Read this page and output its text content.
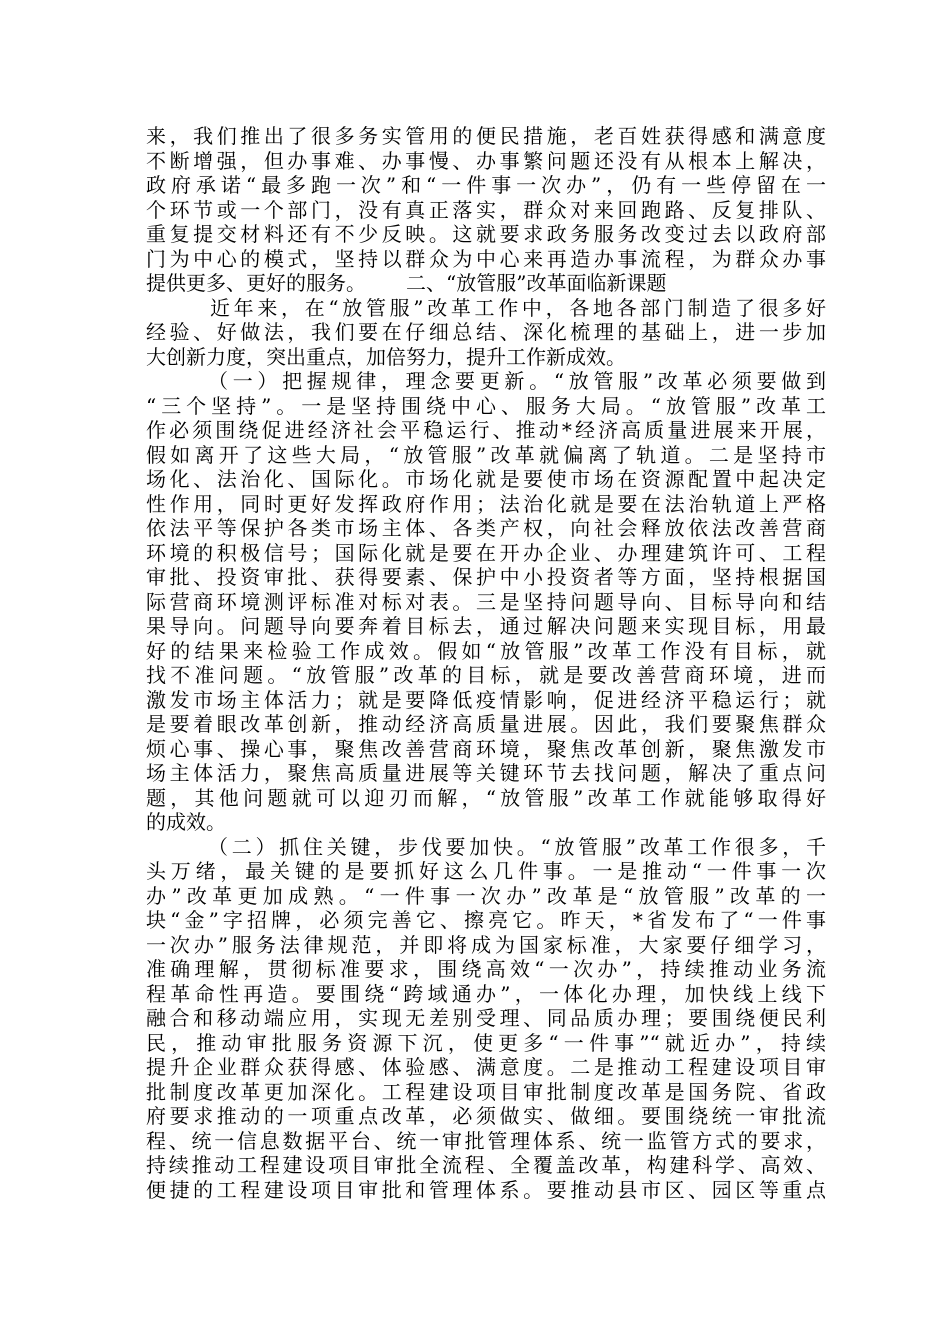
来，我们推出了很多务实管用的便民措施，老百姓获得感和满意度
不断增强，但办事难、办事慢、办事繁问题还没有从根本上解决，
政府承诺“最多跑一次”和“一件事一次办”，仍有一些停留在一
个环节或一个部门，没有真正落实，群众对来回跑路、反复排队、
重复提交材料还有不少反映。这就要求政务服务改变过去以政府部
门为中心的模式，坚持以群众为中心来再造办事流程，为群众办事
提供更多、更好的服务。 二、“放管服”改革面临新课题
近年来，在“放管服”改革工作中，各地各部门制造了很多好
经验、好做法，我们要在仔细总结、深化梳理的基础上，进一步加
大创新力度，突出重点，加倍努力，提升工作新成效。
（一）把握规律，理念要更新。“放管服”改革必须要做到
“三个坚持”。一是坚持围绕中心、服务大局。“放管服”改革工
作必须围绕促进经济社会平稳运行、推动*经济高质量进展来开展，
假如离开了这些大局，“放管服”改革就偏离了轨道。二是坚持市
场化、法治化、国际化。市场化就是要使市场在资源配置中起决定
性作用，同时更好发挥政府作用；法治化就是要在法治轨道上严格
依法平等保护各类市场主体、各类产权，向社会释放依法改善营商
环境的积极信号；国际化就是要在开办企业、办理建筑许可、工程
审批、投资审批、获得要素、保护中小投资者等方面，坚持根据国
际营商环境测评标准对标对表。三是坚持问题导向、目标导向和结
果导向。问题导向要奔着目标去，通过解决问题来实现目标，用最
好的结果来检验工作成效。假如“放管服”改革工作没有目标，就
找不准问题。“放管服”改革的目标，就是要改善营商环境，进而
激发市场主体活力；就是要降低疫情影响，促进经济平稳运行；就
是要着眼改革创新，推动经济高质量进展。因此，我们要聚焦群众
烦心事、操心事，聚焦改善营商环境，聚焦改革创新，聚焦激发市
场主体活力，聚焦高质量进展等关键环节去找问题，解决了重点问
题，其他问题就可以迎刃而解，“放管服”改革工作就能够取得好
的成效。
（二）抓住关键，步伐要加快。“放管服”改革工作很多，千
头万绪，最关键的是要抓好这么几件事。一是推动“一件事一次
办”改革更加成熟。“一件事一次办”改革是“放管服”改革的一
块“金”字招牌，必须完善它、擦亮它。昨天，*省发布了“一件事
一次办”服务法律规范，并即将成为国家标准，大家要仔细学习，
准确理解，贯彻标准要求，围绕高效“一次办”，持续推动业务流
程革命性再造。要围绕“跨域通办”，一体化办理，加快线上线下
融合和移动端应用，实现无差别受理、同品质办理；要围绕便民利
民，推动审批服务资源下沉，使更多“一件事”“就近办”，持续
提升企业群众获得感、体验感、满意度。二是推动工程建设项目审
批制度改革更加深化。工程建设项目审批制度改革是国务院、省政
府要求推动的一项重点改革，必须做实、做细。要围绕统一审批流
程、统一信息数据平台、统一审批管理体系、统一监管方式的要求，
持续推动工程建设项目审批全流程、全覆盖改革，构建科学、高效、
便捷的工程建设项目审批和管理体系。要推动县市区、园区等重点
